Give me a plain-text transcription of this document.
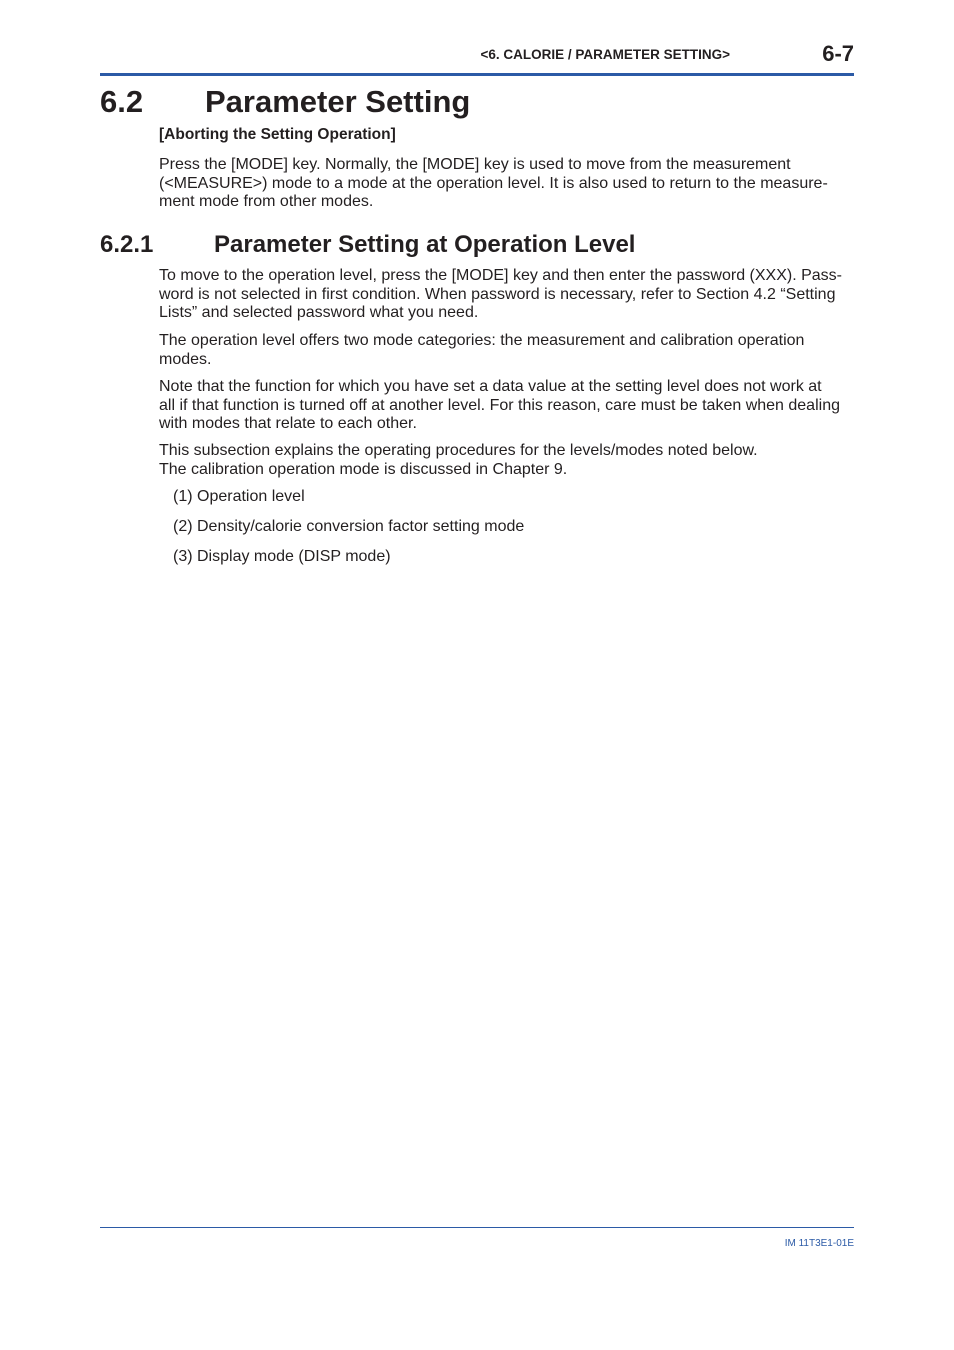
<6. CALORIE / PARAMETER SETTING>	6-7
6.2 Parameter Setting
[Aborting the Setting Operation]
Press the [MODE] key. Normally, the [MODE] key is used to move from the measurement
(<MEASURE>) mode to a mode at the operation level. It is also used to return to the measure-
ment mode from other modes.
6.2.1	Parameter Setting at Operation Level
To move to the operation level, press the [MODE] key and then enter the password (XXX). Pass-
word is not selected in first condition. When password is necessary, refer to Section 4.2 “Setting
Lists” and selected password what you need.
The operation level offers two mode categories: the measurement and calibration operation
modes.
Note that the function for which you have set a data value at the setting level does not work at
all if that function is turned off at another level. For this reason, care must be taken when dealing
with modes that relate to each other.
This subsection explains the operating procedures for the levels/modes noted below.
The calibration operation mode is discussed in Chapter 9.
(1) Operation level
(2) Density/calorie conversion factor setting mode
(3) Display mode (DISP mode)
IM 11T3E1-01E
